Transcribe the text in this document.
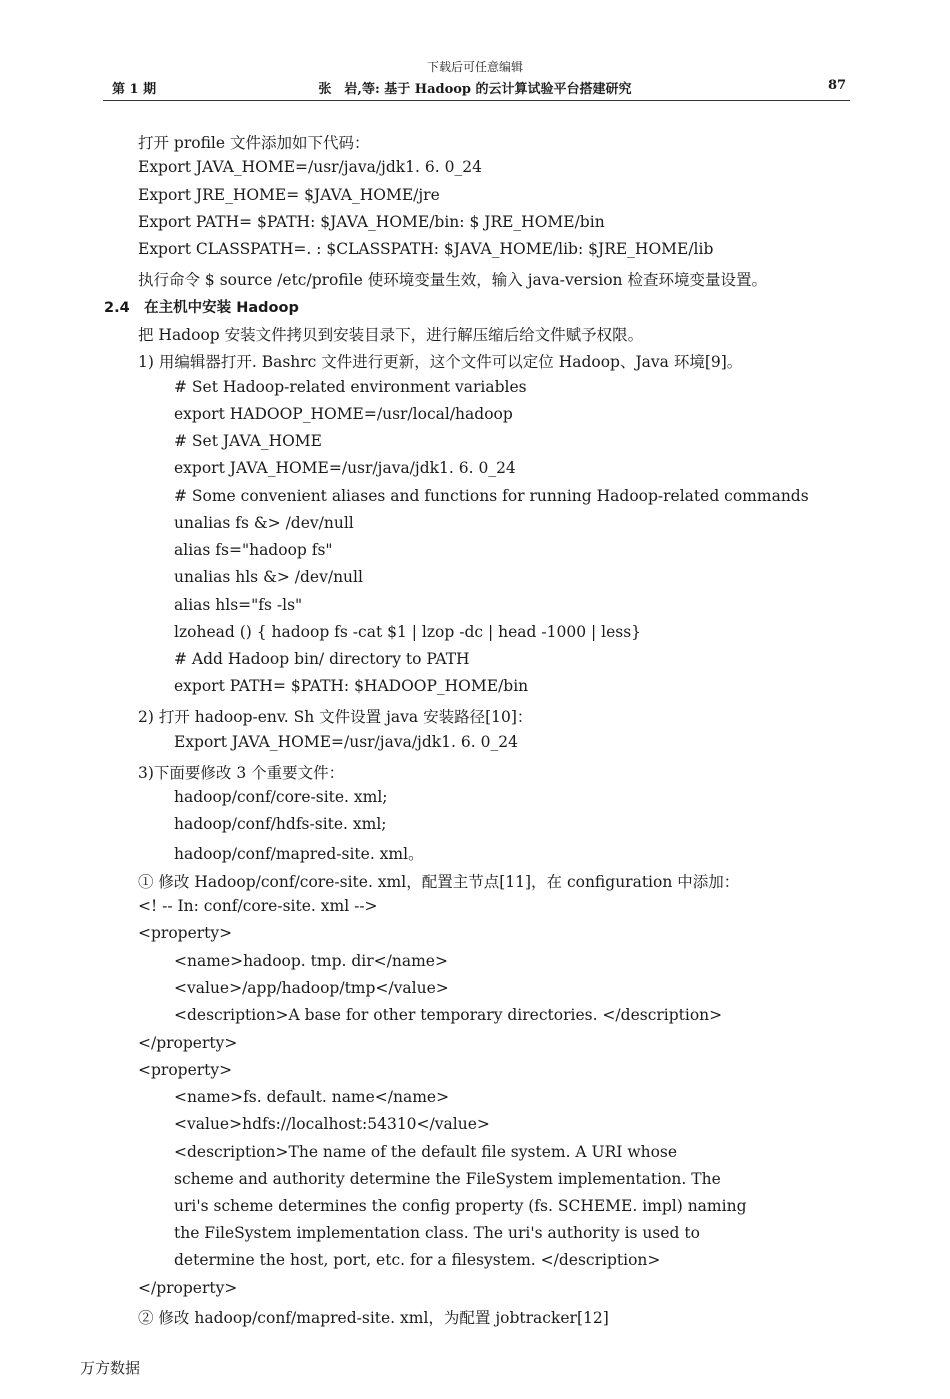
下载后可任意编辑
第 1 期	张　岩,等: 基于 Hadoop 的云计算试验平台搭建研究	87
打开 profile 文件添加如下代码：
Export JAVA_HOME=/usr/java/jdk1. 6. 0_24
Export JRE_HOME= $JAVA_HOME/jre
Export PATH= $PATH: $JAVA_HOME/bin: $ JRE_HOME/bin
Export CLASSPATH=. : $CLASSPATH: $JAVA_HOME/lib: $JRE_HOME/lib
执行命令 $ source /etc/profile 使环境变量生效，输入 java-version 检查环境变量设置。
2.4　在主机中安装 Hadoop
把 Hadoop 安装文件拷贝到安装目录下，进行解压缩后给文件赋予权限。
1) 用编辑器打开. Bashrc 文件进行更新，这个文件可以定位 Hadoop、Java 环境[9]。
# Set Hadoop-related environment variables
export HADOOP_HOME=/usr/local/hadoop
# Set JAVA_HOME
export JAVA_HOME=/usr/java/jdk1. 6. 0_24
# Some convenient aliases and functions for running Hadoop-related commands
unalias fs &> /dev/null
alias fs="hadoop fs"
unalias hls &> /dev/null
alias hls="fs -ls"
lzohead () { hadoop fs -cat $1 | lzop -dc | head -1000 | less}
# Add Hadoop bin/ directory to PATH
export PATH= $PATH: $HADOOP_HOME/bin
2) 打开 hadoop-env. Sh 文件设置 java 安装路径[10]：
Export JAVA_HOME=/usr/java/jdk1. 6. 0_24
3)下面要修改 3 个重要文件：
hadoop/conf/core-site. xml;
hadoop/conf/hdfs-site. xml;
hadoop/conf/mapred-site. xml。
① 修改 Hadoop/conf/core-site. xml，配置主节点[11]，在 configuration 中添加：
<! -- In: conf/core-site. xml -->
<property>
<name>hadoop. tmp. dir</name>
<value>/app/hadoop/tmp</value>
<description>A base for other temporary directories. </description>
</property>
<property>
<name>fs. default. name</name>
<value>hdfs://localhost:54310</value>
<description>The name of the default file system. A URI whose
scheme and authority determine the FileSystem implementation. The
uri's scheme determines the config property (fs. SCHEME. impl) naming
the FileSystem implementation class. The uri's authority is used to
determine the host, port, etc. for a filesystem. </description>
</property>
② 修改 hadoop/conf/mapred-site. xml，为配置 jobtracker[12]
万方数据
